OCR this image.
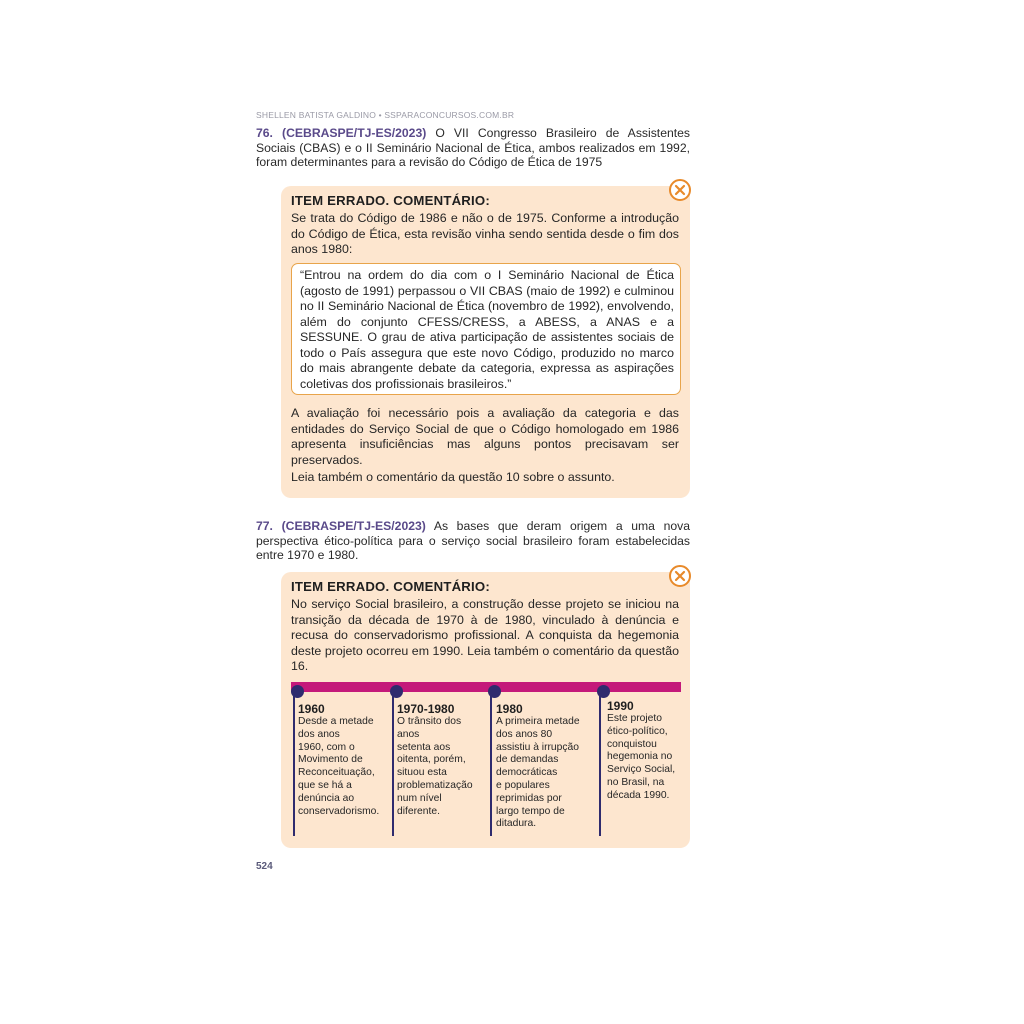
SHELLEN BATISTA GALDINO • SSPARACONCURSOS.COM.BR
76. (CEBRASPE/TJ-ES/2023) O VII Congresso Brasileiro de Assistentes Sociais (CBAS) e o II Seminário Nacional de Ética, ambos realizados em 1992, foram determinantes para a revisão do Código de Ética de 1975
ITEM ERRADO. COMENTÁRIO:
Se trata do Código de 1986 e não o de 1975. Conforme a introdução do Código de Ética, esta revisão vinha sendo sentida desde o fim dos anos 1980:
A avaliação foi necessário pois a avaliação da categoria e das entidades do Serviço Social de que o Código homologado em 1986 apresenta insuficiências mas alguns pontos precisavam ser preservados.
Leia também o comentário da questão 10 sobre o assunto.
“Entrou na ordem do dia com o I Seminário Nacional de Ética (agosto de 1991) perpassou o VII CBAS (maio de 1992) e culminou no II Seminário Nacional de Ética (novembro de 1992), envolvendo, além do conjunto CFESS/CRESS, a ABESS, a ANAS e a SESSUNE. O grau de ativa participação de assistentes sociais de todo o País assegura que este novo Código, produzido no marco do mais abrangente debate da categoria, expressa as aspirações coletivas dos profissionais brasileiros.”
77. (CEBRASPE/TJ-ES/2023) As bases que deram origem a uma nova perspectiva ético-política para o serviço social brasileiro foram estabelecidas entre 1970 e 1980.
ITEM ERRADO. COMENTÁRIO:
No serviço Social brasileiro, a construção desse projeto se iniciou na transição da década de 1970 à de 1980, vinculado à denúncia e recusa do conservadorismo profissional. A conquista da hegemonia deste projeto ocorreu em 1990. Leia também o comentário da questão 16.
1960
Desde a metade
dos anos
1960, com o
Movimento de
Reconceituação,
que se há a
denúncia ao
conservadorismo.
1970-1980
O trânsito dos
anos
setenta aos
oitenta, porém,
situou esta
problematização
num nível
diferente.
1980
A primeira metade
dos anos 80
assistiu à irrupção
de demandas
democráticas
e populares
reprimidas por
largo tempo de
ditadura.
1990
Este projeto
ético-político,
conquistou
hegemonia no
Serviço Social,
no Brasil, na
década 1990.
524
